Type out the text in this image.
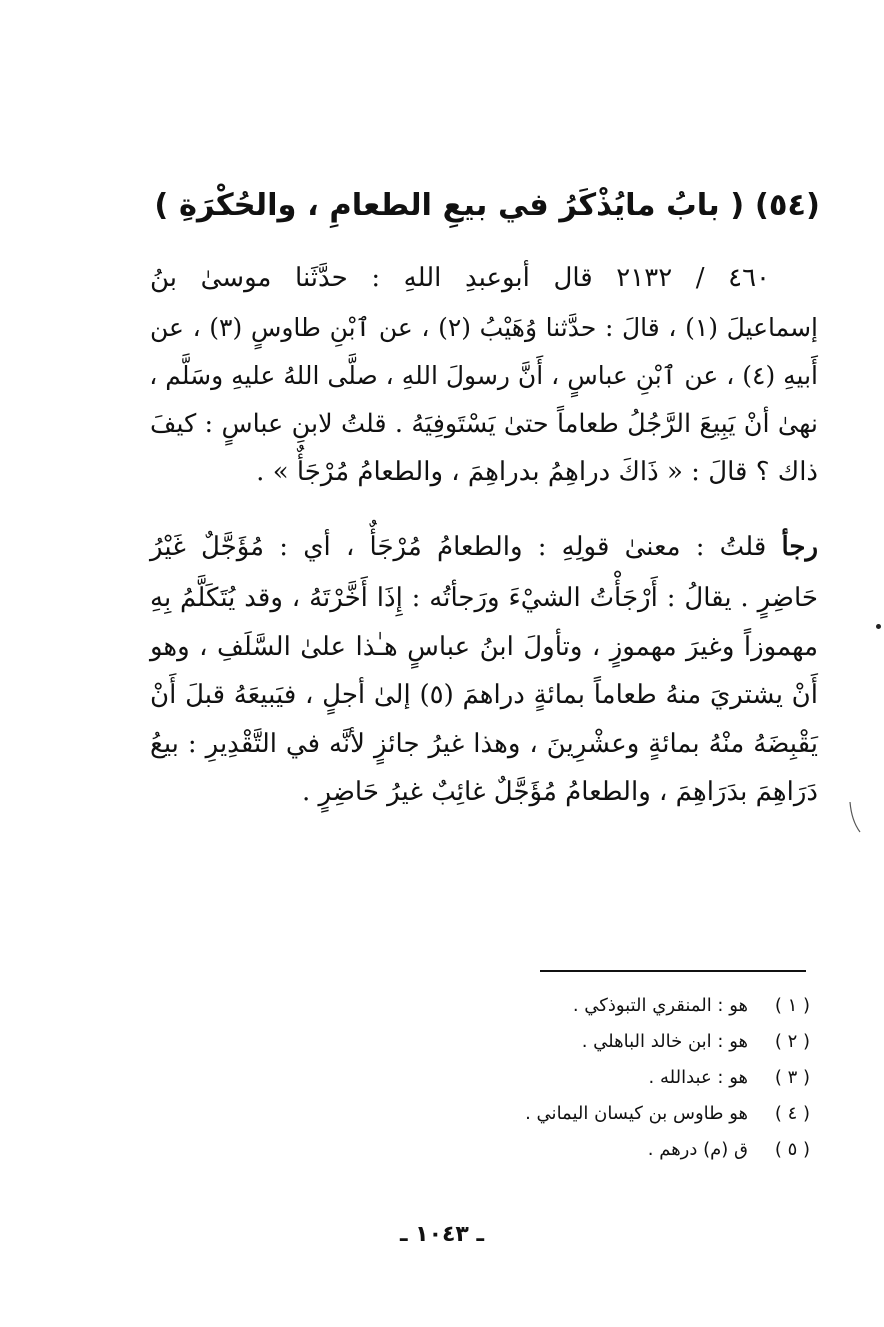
(٥٤) ( بابُ مايُذْكَرُ في بيعِ الطعامِ ، والحُكْرَةِ )
٤٦٠ / ٢١٣٢ قال أبوعبدِ اللهِ : حدَّثَنا موسىٰ بنُ
إسماعيلَ (١) ، قالَ : حدَّثنا وُهَيْبُ (٢) ، عن ٱبْنِ طاوسٍ (٣) ، عن
أَبيهِ (٤) ، عن ٱبْنِ عباسٍ ، أَنَّ رسولَ اللهِ ، صلَّى اللهُ عليهِ وسَلَّم ،
نهىٰ أنْ يَبِيعَ الرَّجُلُ طعاماً حتىٰ يَسْتَوفِيَهُ . قلتُ لابنِ عباسٍ : كيفَ
ذاك ؟ قالَ : « ذَاكَ دراهِمُ بدراهِمَ ، والطعامُ مُرْجَأٌ » .
رجأ قلتُ : معنىٰ قولِهِ : والطعامُ مُرْجَأٌ ، أي : مُؤَجَّلٌ غَيْرُ
حَاضِرٍ . يقالُ : أَرْجَأْتُ الشيْءَ ورَجأتُه : إِذَا أَخَّرْتَهُ ، وقد يُتَكَلَّمُ بِهِ
مهموزاً وغيرَ مهموزٍ ، وتأولَ ابنُ عباسٍ هـٰذا علىٰ السَّلَفِ ، وهو
أَنْ يشتريَ منهُ طعاماً بمائةٍ دراهمَ (٥) إلىٰ أجلٍ ، فيَبيعَهُ قبلَ أَنْ
يَقْبِضَهُ منْهُ بمائةٍ وعشْرِينَ ، وهذا غيرُ جائزٍ لأنَّه في التَّقْدِيرِ : بيعُ
دَرَاهِمَ بدَرَاهِمَ ، والطعامُ مُؤَجَّلٌ غائِبٌ غيرُ حَاضِرٍ .
( ١ )
هو : المنقري التبوذكي .
( ٢ )
هو : ابن خالد الباهلي .
( ٣ )
هو : عبدالله .
( ٤ )
هو طاوس بن كيسان اليماني .
( ٥ )
ق (م) درهم .
ـ ١٠٤٣ ـ
